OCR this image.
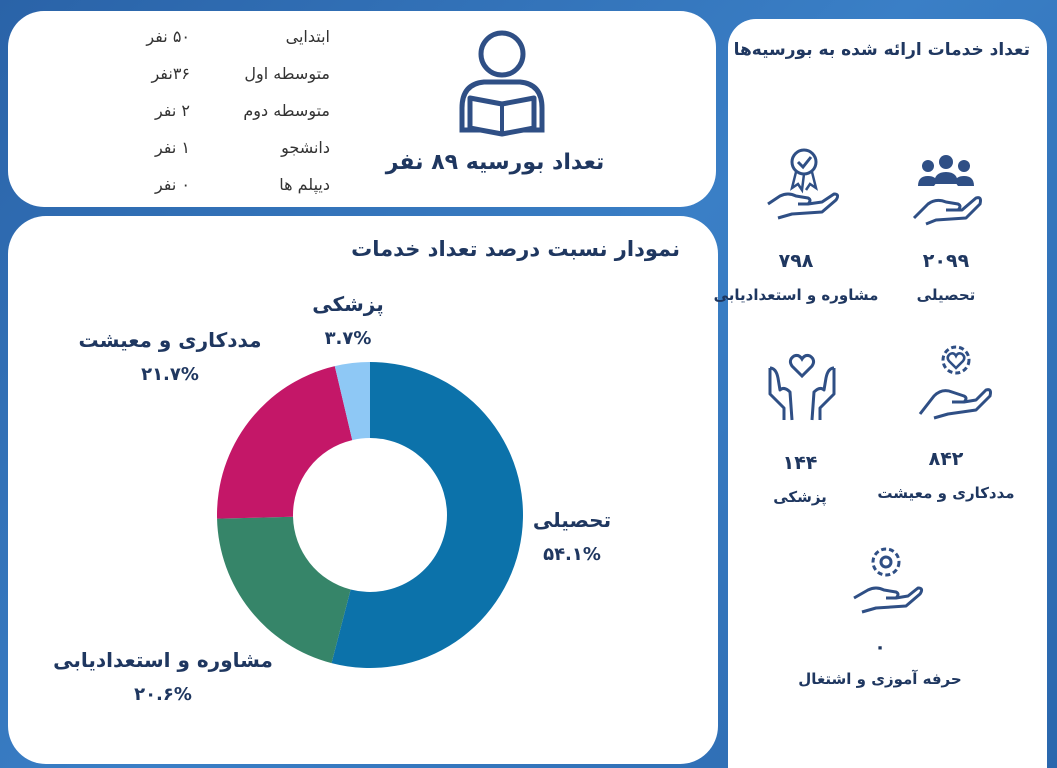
ابتدایی
۵۰ نفر
متوسطه اول
۳۶نفر
متوسطه دوم
۲ نفر
دانشجو
۱ نفر
دیپلم ها
۰ نفر
تعداد بورسیه ۸۹ نفر
نمودار نسبت درصد تعداد خدمات
تحصیلی
۵۴.۱%
مشاوره و استعدادیابی
۲۰.۶%
مددکاری و معیشت
۲۱.۷%
پزشکی
۳.۷%
تعداد خدمات ارائه شده به بورسیه‌ها
۲۰۹۹
تحصیلی
۷۹۸
مشاوره و استعدادیابی
۸۴۲
مددکاری و معیشت
۱۴۴
پزشکی
۰
حرفه آموزی و اشتغال
